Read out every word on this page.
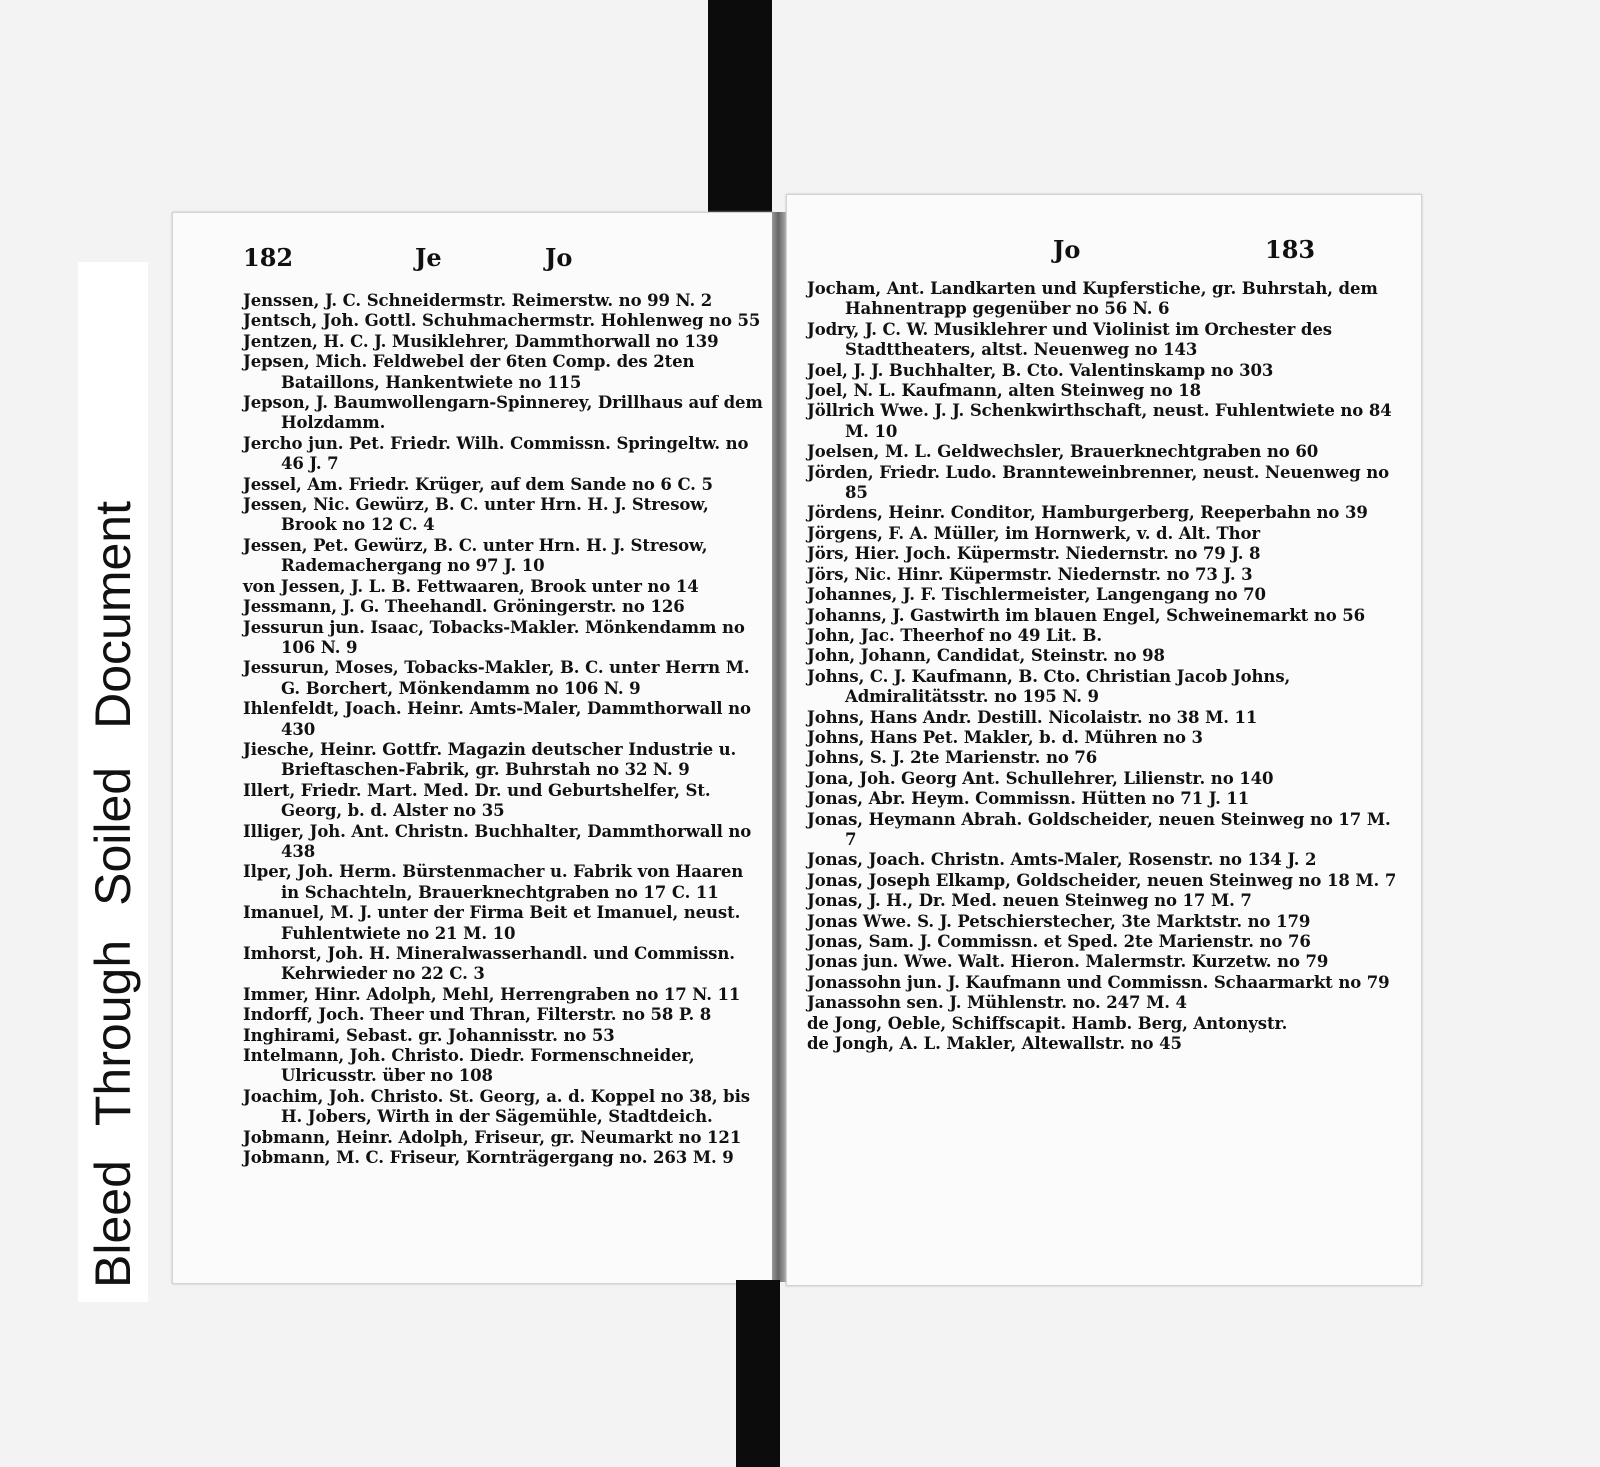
Bleed
Through
Soiled
Document
182	Je	Jo

Jenssen, J. C. Schneidermstr. Reimerstw. no 99 N. 2

Jentsch, Joh. Gottl. Schuhmachermstr. Hohlenweg no 55

Jentzen, H. C. J. Musiklehrer, Dammthorwall no 139

Jepsen, Mich. Feldwebel der 6ten Comp. des 2ten Bataillons, Hankentwiete no 115

Jepson, J. Baumwollengarn-Spinnerey, Drillhaus auf dem Holzdamm.

Jercho jun. Pet. Friedr. Wilh. Commissn. Springeltw. no 46 J. 7

Jessel, Am. Friedr. Krüger, auf dem Sande no 6 C. 5

Jessen, Nic. Gewürz, B. C. unter Hrn. H. J. Stresow, Brook no 12 C. 4

Jessen, Pet. Gewürz, B. C. unter Hrn. H. J. Stresow, Rademachergang no 97 J. 10

von Jessen, J. L. B. Fettwaaren, Brook unter no 14

Jessmann, J. G. Theehandl. Gröningerstr. no 126

Jessurun jun. Isaac, Tobacks-Makler. Mönkendamm no 106 N. 9

Jessurun, Moses, Tobacks-Makler, B. C. unter Herrn M. G. Borchert, Mönkendamm no 106 N. 9

Ihlenfeldt, Joach. Heinr. Amts-Maler, Dammthorwall no 430

Jiesche, Heinr. Gottfr. Magazin deutscher Industrie u. Brieftaschen-Fabrik, gr. Buhrstah no 32 N. 9

Illert, Friedr. Mart. Med. Dr. und Geburtshelfer, St. Georg, b. d. Alster no 35

Illiger, Joh. Ant. Christn. Buchhalter, Dammthorwall no 438

Ilper, Joh. Herm. Bürstenmacher u. Fabrik von Haaren in Schachteln, Brauerknechtgraben no 17 C. 11

Imanuel, M. J. unter der Firma Beit et Imanuel, neust. Fuhlentwiete no 21 M. 10

Imhorst, Joh. H. Mineralwasserhandl. und Commissn. Kehrwieder no 22 C. 3

Immer, Hinr. Adolph, Mehl, Herrengraben no 17 N. 11

Indorff, Joch. Theer und Thran, Filterstr. no 58 P. 8

Inghirami, Sebast. gr. Johannisstr. no 53

Intelmann, Joh. Christo. Diedr. Formenschneider, Ulricusstr. über no 108

Joachim, Joh. Christo. St. Georg, a. d. Koppel no 38, bis H. Jobers, Wirth in der Sägemühle, Stadtdeich.

Jobmann, Heinr. Adolph, Friseur, gr. Neumarkt no 121

Jobmann, M. C. Friseur, Kornträgergang no. 263 M. 9

Jo	183

Jocham, Ant. Landkarten und Kupferstiche, gr. Buhrstah, dem Hahnentrapp gegenüber no 56 N. 6

Jodry, J. C. W. Musiklehrer und Violinist im Orchester des Stadttheaters, altst. Neuenweg no 143

Joel, J. J. Buchhalter, B. Cto. Valentinskamp no 303

Joel, N. L. Kaufmann, alten Steinweg no 18

Jöllrich Wwe. J. J. Schenkwirthschaft, neust. Fuhlentwiete no 84 M. 10

Joelsen, M. L. Geldwechsler, Brauerknechtgraben no 60

Jörden, Friedr. Ludo. Brannteweinbrenner, neust. Neuenweg no 85

Jördens, Heinr. Conditor, Hamburgerberg, Reeperbahn no 39

Jörgens, F. A. Müller, im Hornwerk, v. d. Alt. Thor

Jörs, Hier. Joch. Küpermstr. Niedernstr. no 79 J. 8

Jörs, Nic. Hinr. Küpermstr. Niedernstr. no 73 J. 3

Johannes, J. F. Tischlermeister, Langengang no 70

Johanns, J. Gastwirth im blauen Engel, Schweinemarkt no 56

John, Jac. Theerhof no 49 Lit. B.

John, Johann, Candidat, Steinstr. no 98

Johns, C. J. Kaufmann, B. Cto. Christian Jacob Johns, Admiralitätsstr. no 195 N. 9

Johns, Hans Andr. Destill. Nicolaistr. no 38 M. 11

Johns, Hans Pet. Makler, b. d. Mühren no 3

Johns, S. J. 2te Marienstr. no 76

Jona, Joh. Georg Ant. Schullehrer, Lilienstr. no 140

Jonas, Abr. Heym. Commissn. Hütten no 71 J. 11

Jonas, Heymann Abrah. Goldscheider, neuen Steinweg no 17 M. 7

Jonas, Joach. Christn. Amts-Maler, Rosenstr. no 134 J. 2

Jonas, Joseph Elkamp, Goldscheider, neuen Steinweg no 18 M. 7

Jonas, J. H., Dr. Med. neuen Steinweg no 17 M. 7

Jonas Wwe. S. J. Petschierstecher, 3te Marktstr. no 179

Jonas, Sam. J. Commissn. et Sped. 2te Marienstr. no 76

Jonas jun. Wwe. Walt. Hieron. Malermstr. Kurzetw. no 79

Jonassohn jun. J. Kaufmann und Commissn. Schaarmarkt no 79

Janassohn sen. J. Mühlenstr. no. 247 M. 4

de Jong, Oeble, Schiffscapit. Hamb. Berg, Antonystr.

de Jongh, A. L. Makler, Altewallstr. no 45
